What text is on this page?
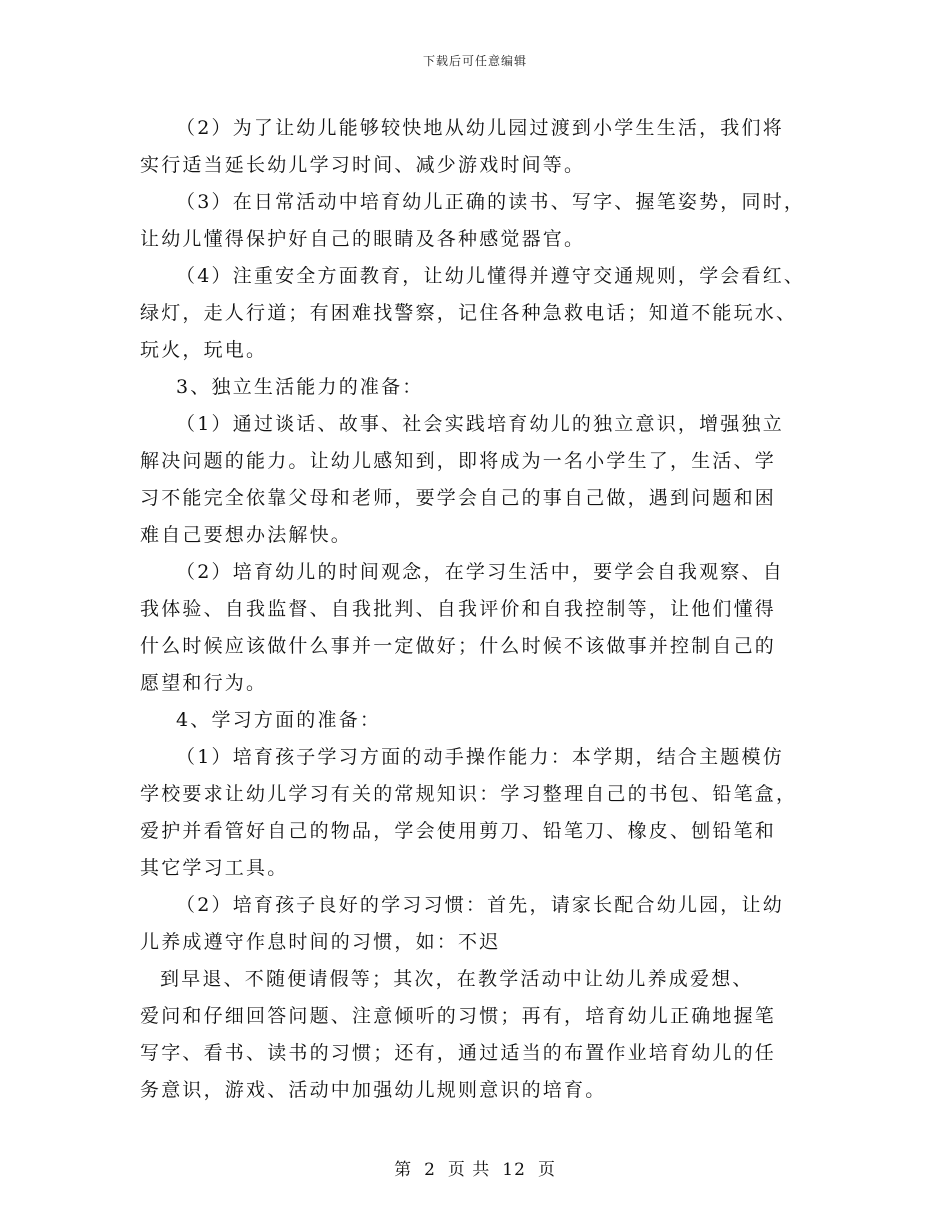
下载后可任意编辑
（2）为了让幼儿能够较快地从幼儿园过渡到小学生生活，我们将
实行适当延长幼儿学习时间、减少游戏时间等。
（3）在日常活动中培育幼儿正确的读书、写字、握笔姿势，同时，
让幼儿懂得保护好自己的眼睛及各种感觉器官。
（4）注重安全方面教育，让幼儿懂得并遵守交通规则，学会看红、
绿灯，走人行道；有困难找警察，记住各种急救电话；知道不能玩水、
玩火，玩电。
3、独立生活能力的准备：
（1）通过谈话、故事、社会实践培育幼儿的独立意识，增强独立
解决问题的能力。让幼儿感知到，即将成为一名小学生了，生活、学
习不能完全依靠父母和老师，要学会自己的事自己做，遇到问题和困
难自己要想办法解快。
（2）培育幼儿的时间观念，在学习生活中，要学会自我观察、自
我体验、自我监督、自我批判、自我评价和自我控制等，让他们懂得
什么时候应该做什么事并一定做好；什么时候不该做事并控制自己的
愿望和行为。
4、学习方面的准备：
（1）培育孩子学习方面的动手操作能力：本学期，结合主题模仿
学校要求让幼儿学习有关的常规知识：学习整理自己的书包、铅笔盒，
爱护并看管好自己的物品，学会使用剪刀、铅笔刀、橡皮、刨铅笔和
其它学习工具。
（2）培育孩子良好的学习习惯：首先，请家长配合幼儿园，让幼
儿养成遵守作息时间的习惯，如：不迟
到早退、不随便请假等；其次，在教学活动中让幼儿养成爱想、
爱问和仔细回答问题、注意倾听的习惯；再有，培育幼儿正确地握笔
写字、看书、读书的习惯；还有，通过适当的布置作业培育幼儿的任
务意识，游戏、活动中加强幼儿规则意识的培育。
第 2 页 共 12 页
